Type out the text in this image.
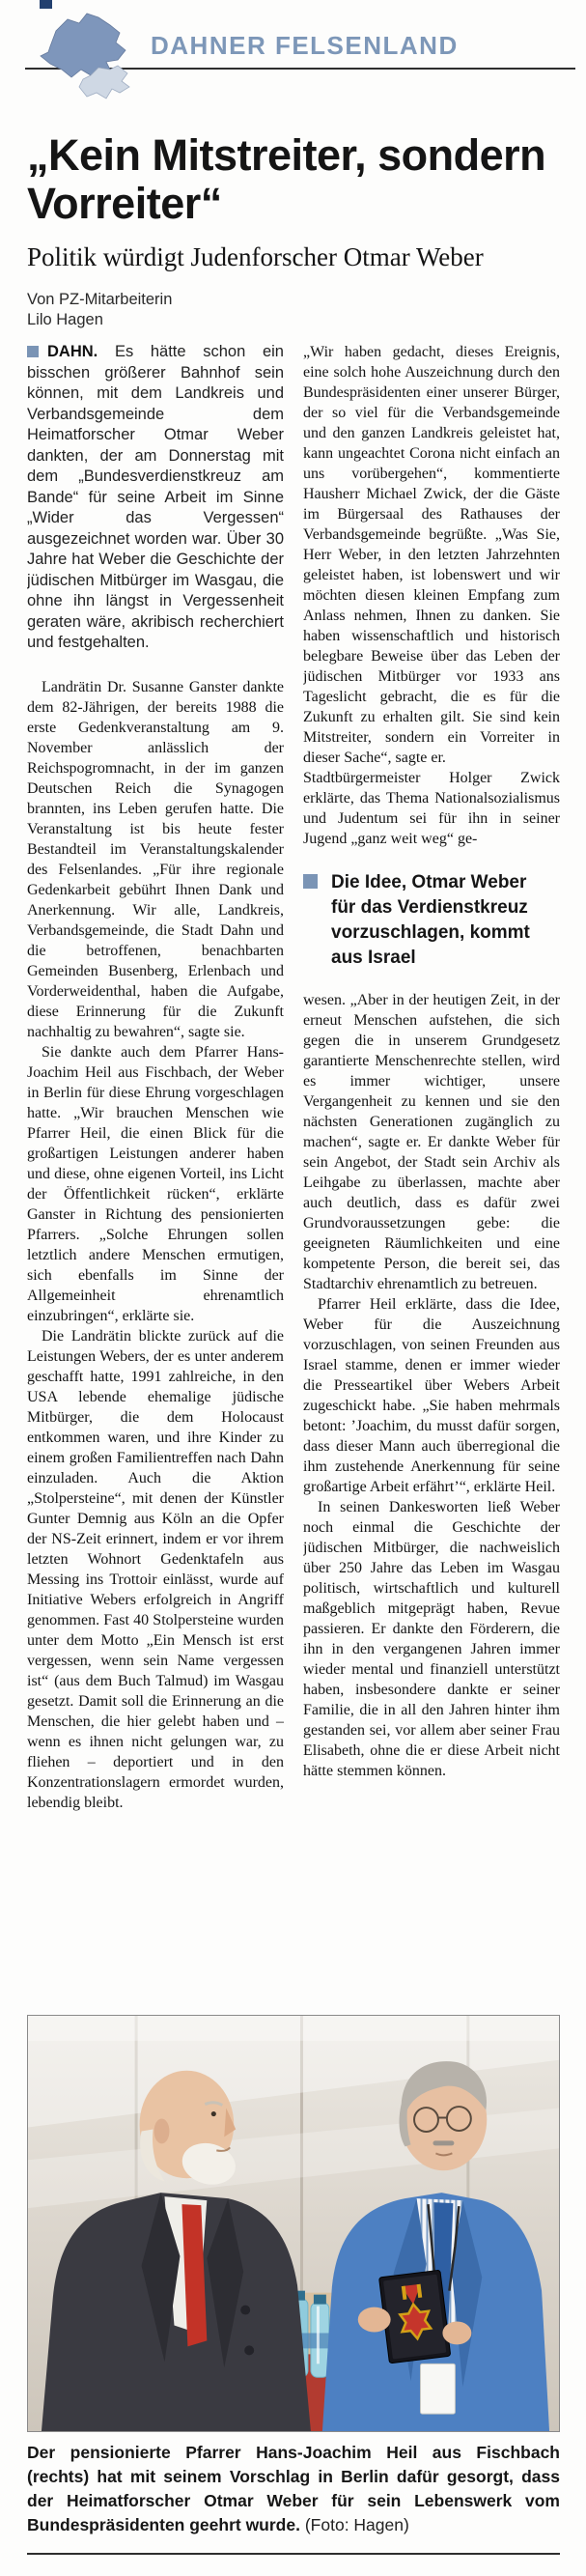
DAHNER FELSENLAND
„Kein Mitstreiter, sondern Vorreiter“
Politik würdigt Judenforscher Otmar Weber
Von PZ-Mitarbeiterin
Lilo Hagen

DAHN. Es hätte schon ein bisschen größerer Bahnhof sein können, mit dem Landkreis und Verbandsgemeinde dem Heimatforscher Otmar Weber dankten, der am Donnerstag mit dem „Bundesverdienstkreuz am Bande“ für seine Arbeit im Sinne „Wider das Vergessen“ ausgezeichnet worden war. Über 30 Jahre hat Weber die Geschichte der jüdischen Mitbürger im Wasgau, die ohne ihn längst in Vergessenheit geraten wäre, akribisch recherchiert und festgehalten.

Landrätin Dr. Susanne Ganster dankte dem 82-Jährigen, der bereits 1988 die erste Gedenkveranstaltung am 9. November anlässlich der Reichspogromnacht, in der im ganzen Deutschen Reich die Synagogen brannten, ins Leben gerufen hatte. Die Veranstaltung ist bis heute fester Bestandteil im Veranstaltungskalender des Felsenlandes. „Für ihre regionale Gedenkarbeit gebührt Ihnen Dank und Anerkennung. Wir alle, Landkreis, Verbandsgemeinde, die Stadt Dahn und die betroffenen, benachbarten Gemeinden Busenberg, Erlenbach und Vorderweidenthal, haben die Aufgabe, diese Erinnerung für die Zukunft nachhaltig zu bewahren“, sagte sie.

Sie dankte auch dem Pfarrer Hans-Joachim Heil aus Fischbach, der Weber in Berlin für diese Ehrung vorgeschlagen hatte. „Wir brauchen Menschen wie Pfarrer Heil, die einen Blick für die großartigen Leistungen anderer haben und diese, ohne eigenen Vorteil, ins Licht der Öffentlichkeit rücken“, erklärte Ganster in Richtung des pensionierten Pfarrers. „Solche Ehrungen sollen letztlich andere Menschen ermutigen, sich ebenfalls im Sinne der Allgemeinheit ehrenamtlich einzubringen“, erklärte sie.

Die Landrätin blickte zurück auf die Leistungen Webers, der es unter anderem geschafft hatte, 1991 zahlreiche, in den USA lebende ehemalige jüdische Mitbürger, die dem Holocaust entkommen waren, und ihre Kinder zu einem großen Familientreffen nach Dahn einzuladen. Auch die Aktion „Stolpersteine“, mit denen der Künstler Gunter Demnig aus Köln an die Opfer der NS-Zeit erinnert, indem er vor ihrem letzten Wohnort Gedenktafeln aus Messing ins Trottoir einlässt, wurde auf Initiative Webers erfolgreich in Angriff genommen. Fast 40 Stolpersteine wurden unter dem Motto „Ein Mensch ist erst vergessen, wenn sein Name vergessen ist“ (aus dem Buch Talmud) im Wasgau gesetzt. Damit soll die Erinnerung an die Menschen, die hier gelebt haben und – wenn es ihnen nicht gelungen war, zu fliehen – deportiert und in den Konzentrationslagern ermordet wurden, lebendig bleibt.

„Wir haben gedacht, dieses Ereignis, eine solch hohe Auszeichnung durch den Bundespräsidenten einer unserer Bürger, der so viel für die Verbandsgemeinde und den ganzen Landkreis geleistet hat, kann ungeachtet Corona nicht einfach an uns vorübergehen“, kommentierte Hausherr Michael Zwick, der die Gäste im Bürgersaal des Rathauses der Verbandsgemeinde begrüßte. „Was Sie, Herr Weber, in den letzten Jahrzehnten geleistet haben, ist lobenswert und wir möchten diesen kleinen Empfang zum Anlass nehmen, Ihnen zu danken. Sie haben wissenschaftlich und historisch belegbare Beweise über das Leben der jüdischen Mitbürger vor 1933 ans Tageslicht gebracht, die es für die Zukunft zu erhalten gilt. Sie sind kein Mitstreiter, sondern ein Vorreiter in dieser Sache“, sagte er.

Stadtbürgermeister Holger Zwick erklärte, das Thema Nationalsozialismus und Judentum sei für ihn in seiner Jugend „ganz weit weg“ ge-

Die Idee, Otmar Weber für das Verdienstkreuz vorzuschlagen, kommt aus Israel

wesen. „Aber in der heutigen Zeit, in der erneut Menschen aufstehen, die sich gegen die in unserem Grundgesetz garantierte Menschenrechte stellen, wird es immer wichtiger, unsere Vergangenheit zu kennen und sie den nächsten Generationen zugänglich zu machen“, sagte er. Er dankte Weber für sein Angebot, der Stadt sein Archiv als Leihgabe zu überlassen, machte aber auch deutlich, dass es dafür zwei Grundvoraussetzungen gebe: die geeigneten Räumlichkeiten und eine kompetente Person, die bereit sei, das Stadtarchiv ehrenamtlich zu betreuen.

Pfarrer Heil erklärte, dass die Idee, Weber für die Auszeichnung vorzuschlagen, von seinen Freunden aus Israel stamme, denen er immer wieder die Presseartikel über Webers Arbeit zugeschickt habe. „Sie haben mehrmals betont: ’Joachim, du musst dafür sorgen, dass dieser Mann auch überregional die ihm zustehende Anerkennung für seine großartige Arbeit erfährt’“, erklärte Heil.

In seinen Dankesworten ließ Weber noch einmal die Geschichte der jüdischen Mitbürger, die nachweislich über 250 Jahre das Leben im Wasgau politisch, wirtschaftlich und kulturell maßgeblich mitgeprägt haben, Revue passieren. Er dankte den Förderern, die ihn in den vergangenen Jahren immer wieder mental und finanziell unterstützt haben, insbesondere dankte er seiner Familie, die in all den Jahren hinter ihm gestanden sei, vor allem aber seiner Frau Elisabeth, ohne die er diese Arbeit nicht hätte stemmen können.

Der pensionierte Pfarrer Hans-Joachim Heil aus Fischbach (rechts) hat mit seinem Vorschlag in Berlin dafür gesorgt, dass der Heimatforscher Otmar Weber für sein Lebenswerk vom Bundespräsidenten geehrt wurde. (Foto: Hagen)
